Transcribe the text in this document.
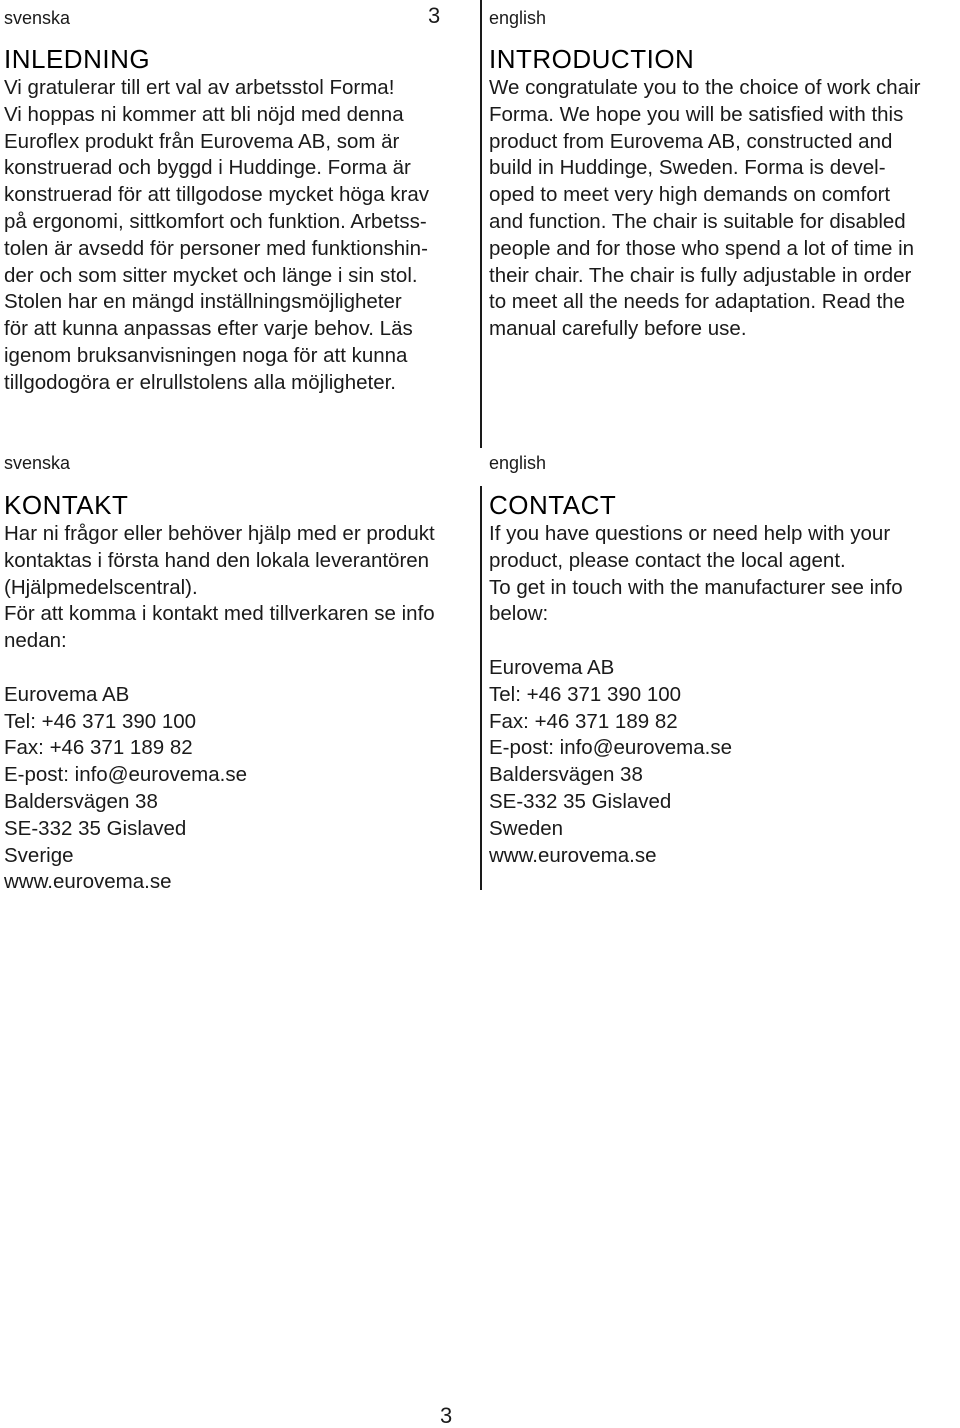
3
svenska
INLEDNING
Vi gratulerar till ert val av arbetsstol Forma!
Vi hoppas ni kommer att bli nöjd med denna
Euroflex produkt från Eurovema AB, som är
konstruerad och byggd i Huddinge. Forma är
konstruerad för att tillgodose mycket höga krav
på ergonomi, sittkomfort och funktion. Arbetss-
tolen är avsedd för personer med funktionshin-
der och som sitter mycket och länge i sin stol.
Stolen har en mängd inställningsmöjligheter
för att kunna anpassas efter varje behov. Läs
igenom bruksanvisningen noga för att kunna
tillgodogöra er elrullstolens alla möjligheter.
english
INTRODUCTION
We congratulate you to the choice of work chair
Forma. We hope you will be satisfied with this
product from Eurovema AB, constructed and
build in Huddinge, Sweden. Forma is devel-
oped to meet very high demands on comfort
and function. The chair is suitable for disabled
people and for those who spend a lot of time in
their chair. The chair is fully adjustable in order
to meet all the needs for adaptation. Read the
manual carefully before use.
svenska
KONTAKT
Har ni frågor eller behöver hjälp med er produkt
kontaktas i första hand den lokala leverantören
(Hjälpmedelscentral).
För att komma i kontakt med tillverkaren se info
nedan:
Eurovema AB
Tel: +46 371 390 100
Fax: +46 371 189 82
E-post: info@eurovema.se
Baldersvägen 38
SE-332 35 Gislaved
Sverige
www.eurovema.se
english
CONTACT
If you have questions or need help with your
product, please contact the local agent.
To get in touch with the manufacturer see info
below:
Eurovema AB
Tel: +46 371 390 100
Fax: +46 371 189 82
E-post: info@eurovema.se
Baldersvägen 38
SE-332 35 Gislaved
Sweden
www.eurovema.se
3
